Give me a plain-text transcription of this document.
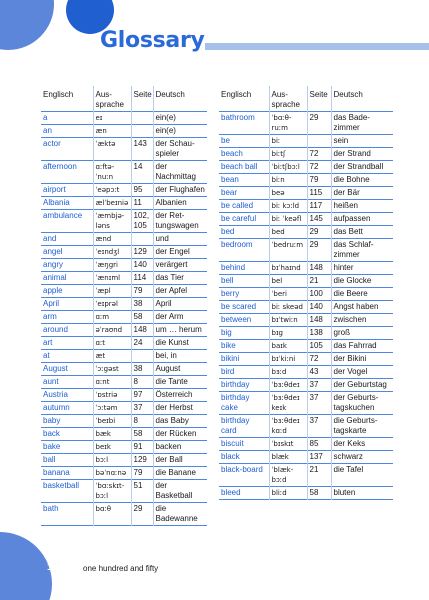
Glossary
Englisch	Aus-sprache	Seite	Deutsch
a	eɪ		ein(e)
an	æn		ein(e)
actor	ˈæktə	143	der Schau-spieler
afternoon	ɑːftə-ˈnuːn	14	der Nachmittag
airport	ˈeəpɔːt	95	der Flughafen
Albania	ælˈbeɪniə	11	Albanien
ambulance	ˈæmbjə-ləns	102, 105	der Ret-tungswagen
and	ænd		und
angel	ˈeɪndʒl	129	der Engel
angry	ˈæŋgri	140	verärgert
animal	ˈænɪml	114	das Tier
apple	ˈæpl	79	der Apfel
April	ˈeɪprəl	38	April
arm	ɑːm	58	der Arm
around	əˈraʊnd	148	um … herum
art	ɑːt	24	die Kunst
at	æt		bei, in
August	ˈɔːgəst	38	August
aunt	ɑːnt	8	die Tante
Austria	ˈɒstriə	97	Österreich
autumn	ˈɔːtəm	37	der Herbst
baby	ˈbeɪbi	8	das Baby
back	bæk	58	der Rücken
bake	beɪk	91	backen
ball	bɔːl	129	der Ball
banana	bəˈnɑːnə	79	die Banane
basketball	ˈbɑːskɪt-bɔːl	51	der Basketball
bath	bɑːθ	29	die Badewanne
Englisch	Aus-sprache	Seite	Deutsch
bathroom	ˈbɑːθ-ruːm	29	das Bade-zimmer
be	biː		sein
beach	biːtʃ	72	der Strand
beach ball	ˈbiːtʃbɔːl	72	der Strandball
bean	biːn	79	die Bohne
bear	beə	115	der Bär
be called	biː kɔːld	117	heißen
be careful	biː ˈkeəfl	145	aufpassen
bed	bed	29	das Bett
bedroom	ˈbedruːm	29	das Schlaf-zimmer
behind	bɪˈhaɪnd	148	hinter
bell	bel	21	die Glocke
berry	ˈberi	100	die Beere
be scared	biː skeəd	140	Angst haben
between	bɪˈtwiːn	148	zwischen
big	bɪg	138	groß
bike	baɪk	105	das Fahrrad
bikini	bɪˈkiːni	72	der Bikini
bird	bɜːd	43	der Vogel
birthday	ˈbɜːθdeɪ	37	der Geburtstag
birthday cake	ˈbɜːθdeɪ keɪk	37	der Geburts-tagskuchen
birthday card	ˈbɜːθdeɪ kɑːd	37	die Geburts-tagskarte
biscuit	ˈbɪskɪt	85	der Keks
black	blæk	137	schwarz
black-board	ˈblæk-bɔːd	21	die Tafel
bleed	bliːd	58	bluten
150 one hundred and fifty
